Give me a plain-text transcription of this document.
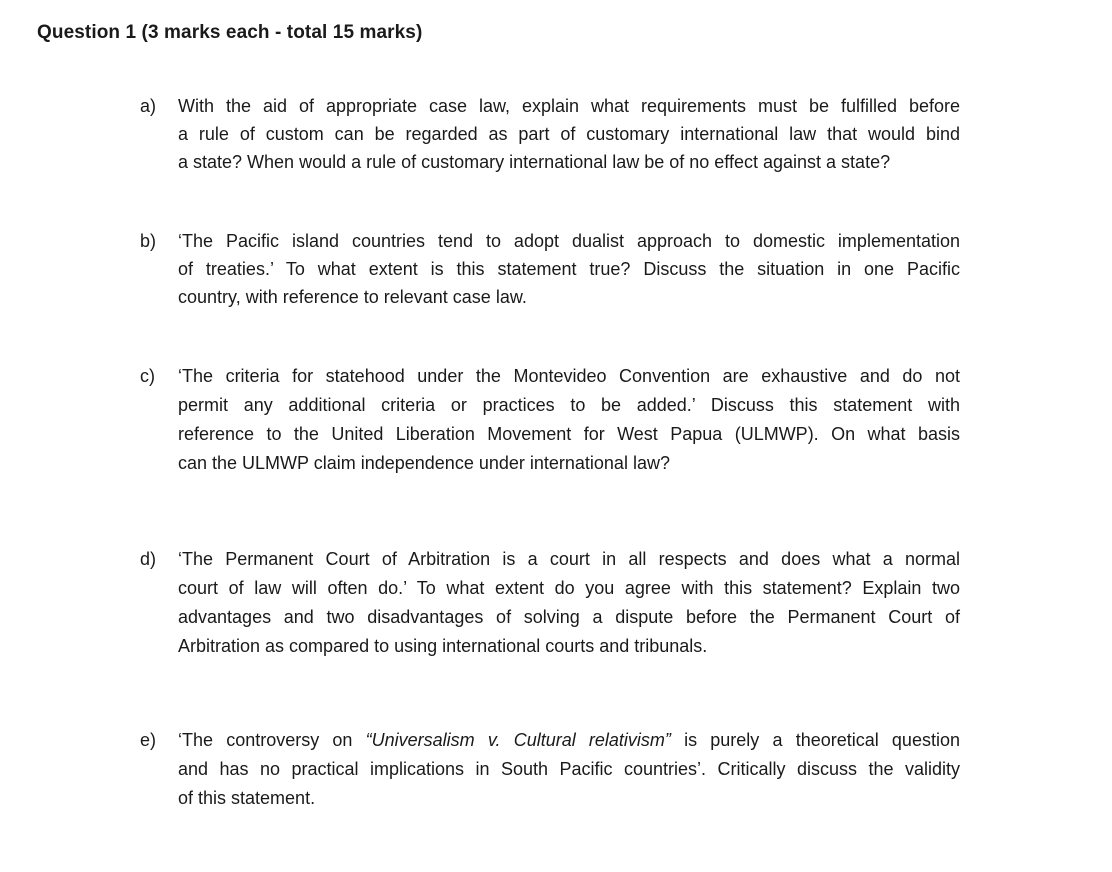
Question 1 (3 marks each - total 15 marks)
a)	With the aid of appropriate case law, explain what requirements must be fulfilled before
a rule of custom can be regarded as part of customary international law that would bind
a state? When would a rule of customary international law be of no effect against a state?
b)	‘The Pacific island countries tend to adopt dualist approach to domestic implementation
of treaties.’ To what extent is this statement true? Discuss the situation in one Pacific
country, with reference to relevant case law.
c)	‘The criteria for statehood under the Montevideo Convention are exhaustive and do not
permit any additional criteria or practices to be added.’ Discuss this statement with
reference to the United Liberation Movement for West Papua (ULMWP). On what basis
can the ULMWP claim independence under international law?
d)	‘The Permanent Court of Arbitration is a court in all respects and does what a normal
court of law will often do.’ To what extent do you agree with this statement? Explain two
advantages and two disadvantages of solving a dispute before the Permanent Court of
Arbitration as compared to using international courts and tribunals.
e)	‘The controversy on “Universalism v. Cultural relativism” is purely a theoretical question
and has no practical implications in South Pacific countries’. Critically discuss the validity
of this statement.
